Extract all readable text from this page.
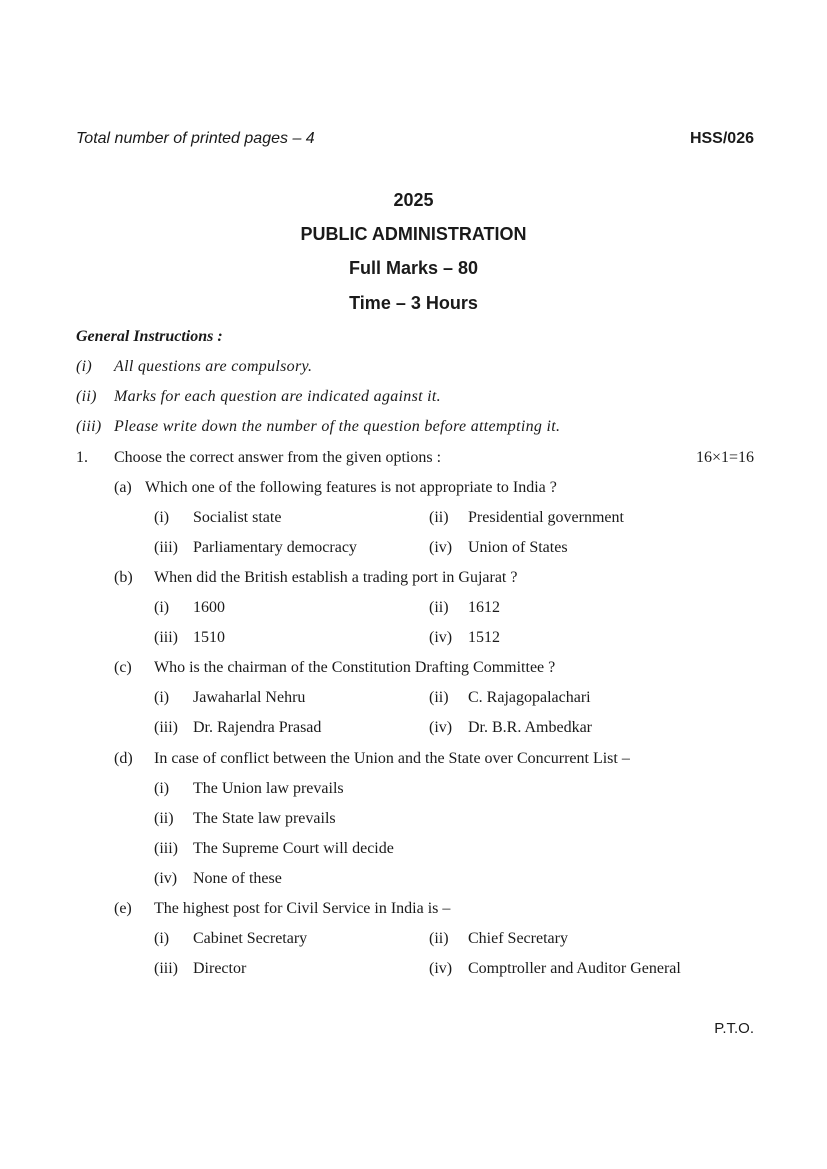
Total number of printed pages – 4	HSS/026
2025
PUBLIC ADMINISTRATION
Full Marks – 80
Time – 3 Hours
General Instructions :
(i) All questions are compulsory.
(ii) Marks for each question are indicated against it.
(iii) Please write down the number of the question before attempting it.
1. Choose the correct answer from the given options :	16×1=16
(a) Which one of the following features is not appropriate to India ?
(i) Socialist state	(ii) Presidential government
(iii) Parliamentary democracy	(iv) Union of States
(b) When did the British establish a trading port in Gujarat ?
(i) 1600	(ii) 1612
(iii) 1510	(iv) 1512
(c) Who is the chairman of the Constitution Drafting Committee ?
(i) Jawaharlal Nehru	(ii) C. Rajagopalachari
(iii) Dr. Rajendra Prasad	(iv) Dr. B.R. Ambedkar
(d) In case of conflict between the Union and the State over Concurrent List –
(i) The Union law prevails
(ii) The State law prevails
(iii) The Supreme Court will decide
(iv) None of these
(e) The highest post for Civil Service in India is –
(i) Cabinet Secretary	(ii) Chief Secretary
(iii) Director	(iv) Comptroller and Auditor General
P.T.O.
